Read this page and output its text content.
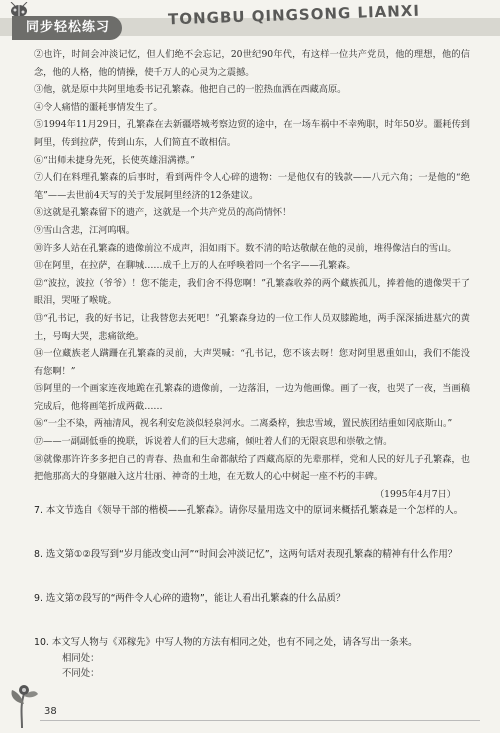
同步轻松练习	TONGBU QINGSONG LIANXI

②也许，时间会冲淡记忆，但人们绝不会忘记，20世纪90年代，有这样一位共产党员，他的理想，他的信念，他的人格，他的情操，使千万人的心灵为之震撼。

③他，就是原中共阿里地委书记孔繁森。他把自己的一腔热血洒在西藏高原。

④令人痛惜的噩耗事情发生了。

⑤1994年11月29日，孔繁森在去新疆塔城考察边贸的途中，在一场车祸中不幸殉职，时年50岁。噩耗传到阿里，传到拉萨，传到山东，人们简直不敢相信。

⑥“出师未捷身先死，长使英雄泪满襟。”

⑦人们在料理孔繁森的后事时，看到两件令人心碎的遗物：一是他仅有的钱款——八元六角；一是他的“绝笔”——去世前4天写的关于发展阿里经济的12条建议。

⑧这就是孔繁森留下的遗产，这就是一个共产党员的高尚情怀！

⑨雪山含悲，江河呜咽。

⑩许多人站在孔繁森的遗像前泣不成声，泪如雨下。数不清的哈达敬献在他的灵前，堆得像洁白的雪山。

⑪在阿里，在拉萨，在聊城……成千上万的人在呼唤着同一个名字——孔繁森。

⑫“波拉，波拉（爷爷）！您不能走，我们舍不得您啊！”孔繁森收养的两个藏族孤儿，捧着他的遗像哭干了眼泪，哭哑了喉咙。

⑬“孔书记，我的好书记，让我替您去死吧！”孔繁森身边的一位工作人员双膝跪地，两手深深插进墓穴的黄土，号啕大哭，悲痛欲绝。

⑭一位藏族老人蹒跚在孔繁森的灵前，大声哭喊：“孔书记，您不该去呀！您对阿里恩重如山，我们不能没有您啊！”

⑮阿里的一个画家连夜地跪在孔繁森的遗像前，一边落泪，一边为他画像。画了一夜，也哭了一夜，当画稿完成后，他将画笔折成两截……

⑯“一尘不染，两袖清风，视名利安危淡似轻泉河水。二离桑梓，独忠雪域，置民族团结重如冈底斯山。”

⑰——一副副低垂的挽联，诉说着人们的巨大悲痛，倾吐着人们的无限哀思和崇敬之情。

⑱就像那许许多多把自己的青春、热血和生命都献给了西藏高原的先辈那样，党和人民的好儿子孔繁森，也把他那高大的身躯融入这片壮丽、神奇的土地，在无数人的心中树起一座不朽的丰碑。

（1995年4月7日）

7. 本文节选自《领导干部的楷模——孔繁森》。请你尽量用选文中的原词来概括孔繁森是一个怎样的人。

8. 选文第①②段写到“岁月能改变山河”“时间会冲淡记忆”，这两句话对表现孔繁森的精神有什么作用？

9. 选文第⑦段写的“两件令人心碎的遗物”，能让人看出孔繁森的什么品质？

10. 本文写人物与《邓稼先》中写人物的方法有相同之处，也有不同之处，请各写出一条来。

相同处：
不同处：
38
